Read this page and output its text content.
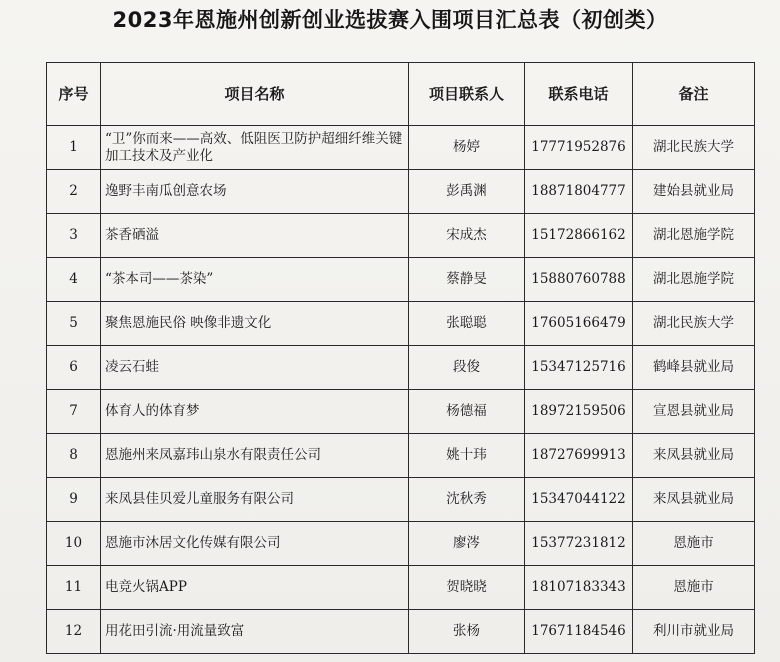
2023年恩施州创新创业选拔赛入围项目汇总表（初创类）
序号	项目名称	项目联系人	联系电话	备注
1	“卫”你而来——高效、低阻医卫防护超细纤维关键加工技术及产业化	杨婷	17771952876	湖北民族大学
2	逸野丰南瓜创意农场	彭禹渊	18871804777	建始县就业局
3	茶香硒溢	宋成杰	15172866162	湖北恩施学院
4	“茶本司——茶染”	蔡静旻	15880760788	湖北恩施学院
5	聚焦恩施民俗 映像非遗文化	张聪聪	17605166479	湖北民族大学
6	凌云石蛙	段俊	15347125716	鹤峰县就业局
7	体育人的体育梦	杨德福	18972159506	宣恩县就业局
8	恩施州来凤嘉玮山泉水有限责任公司	姚十玮	18727699913	来凤县就业局
9	来凤县佳贝爱儿童服务有限公司	沈秋秀	15347044122	来凤县就业局
10	恩施市沐居文化传媒有限公司	廖涔	15377231812	恩施市
11	电竞火锅APP	贺晓晓	18107183343	恩施市
12	用花田引流·用流量致富	张杨	17671184546	利川市就业局
